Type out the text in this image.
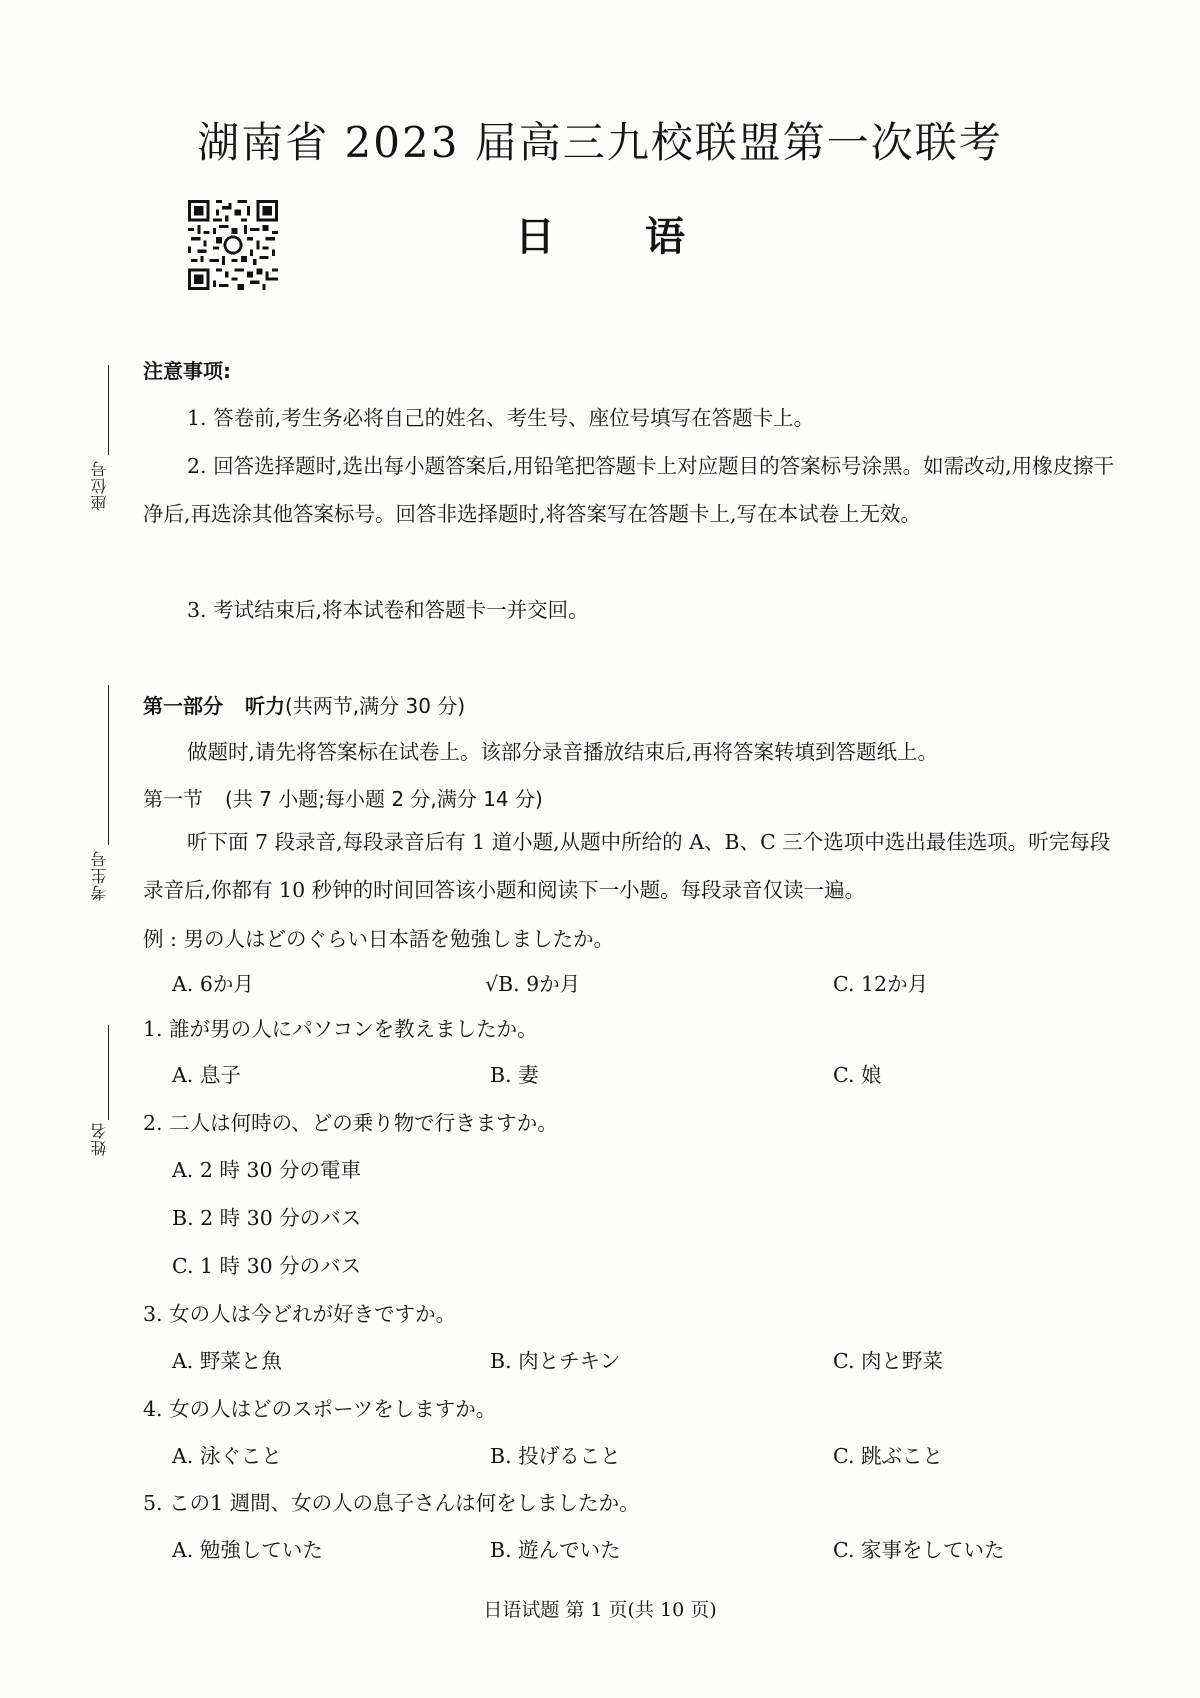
湖南省 2023 届高三九校联盟第一次联考
日 语
座位号
考生号
姓名
注意事项:
1. 答卷前,考生务必将自己的姓名、考生号、座位号填写在答题卡上。
2. 回答选择题时,选出每小题答案后,用铅笔把答题卡上对应题目的答案标号涂黑。如需改动,用橡皮擦干净后,再选涂其他答案标号。回答非选择题时,将答案写在答题卡上,写在本试卷上无效。
3. 考试结束后,将本试卷和答题卡一并交回。
第一部分 听力(共两节,满分 30 分)
做题时,请先将答案标在试卷上。该部分录音播放结束后,再将答案转填到答题纸上。
第一节 (共 7 小题;每小题 2 分,满分 14 分)
听下面 7 段录音,每段录音后有 1 道小题,从题中所给的 A、B、C 三个选项中选出最佳选项。听完每段录音后,你都有 10 秒钟的时间回答该小题和阅读下一小题。每段录音仅读一遍。
例 : 男の人はどのぐらい日本語を勉強しましたか。
A. 6か月	√B. 9か月	C. 12か月
1. 誰が男の人にパソコンを教えましたか。
A. 息子	B. 妻	C. 娘
2. 二人は何時の、どの乗り物で行きますか。
A. 2 時 30 分の電車
B. 2 時 30 分のバス
C. 1 時 30 分のバス
3. 女の人は今どれが好きですか。
A. 野菜と魚	B. 肉とチキン	C. 肉と野菜
4. 女の人はどのスポーツをしますか。
A. 泳ぐこと	B. 投げること	C. 跳ぶこと
5. この1 週間、女の人の息子さんは何をしましたか。
A. 勉強していた	B. 遊んでいた	C. 家事をしていた
日语试题 第 1 页(共 10 页)
